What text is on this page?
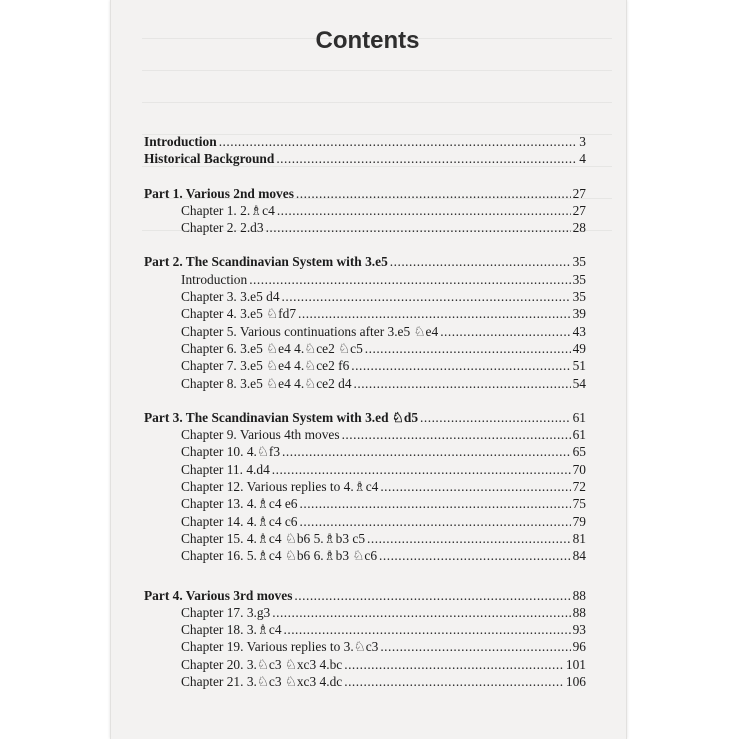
Contents
Introduction .....	3
Historical Background .....	4
Part 1. Various 2nd moves .....	27
Chapter 1. 2.♗c4 .....	27
Chapter 2. 2.d3 .....	28
Part 2. The Scandinavian System with 3.e5 .....	35
Introduction .....	35
Chapter 3. 3.e5 d4 .....	35
Chapter 4. 3.e5 ♘fd7 .....	39
Chapter 5. Various continuations after 3.e5 ♘e4 .....	43
Chapter 6. 3.e5 ♘e4 4.♘ce2 ♘c5 .....	49
Chapter 7. 3.e5 ♘e4 4.♘ce2 f6 .....	51
Chapter 8. 3.e5 ♘e4 4.♘ce2 d4 .....	54
Part 3. The Scandinavian System with 3.ed ♘d5 .....	61
Chapter 9. Various 4th moves .....	61
Chapter 10. 4.♘f3 .....	65
Chapter 11. 4.d4 .....	70
Chapter 12. Various replies to 4.♗c4 .....	72
Chapter 13. 4.♗c4 e6 .....	75
Chapter 14. 4.♗c4 c6 .....	79
Chapter 15. 4.♗c4 ♘b6 5.♗b3 c5 .....	81
Chapter 16. 5.♗c4 ♘b6 6.♗b3 ♘c6 .....	84
Part 4. Various 3rd moves .....	88
Chapter 17. 3.g3 .....	88
Chapter 18. 3.♗c4 .....	93
Chapter 19. Various replies to 3.♘c3 .....	96
Chapter 20. 3.♘c3 ♘xc3 4.bc .....	101
Chapter 21. 3.♘c3 ♘xc3 4.dc .....	106
